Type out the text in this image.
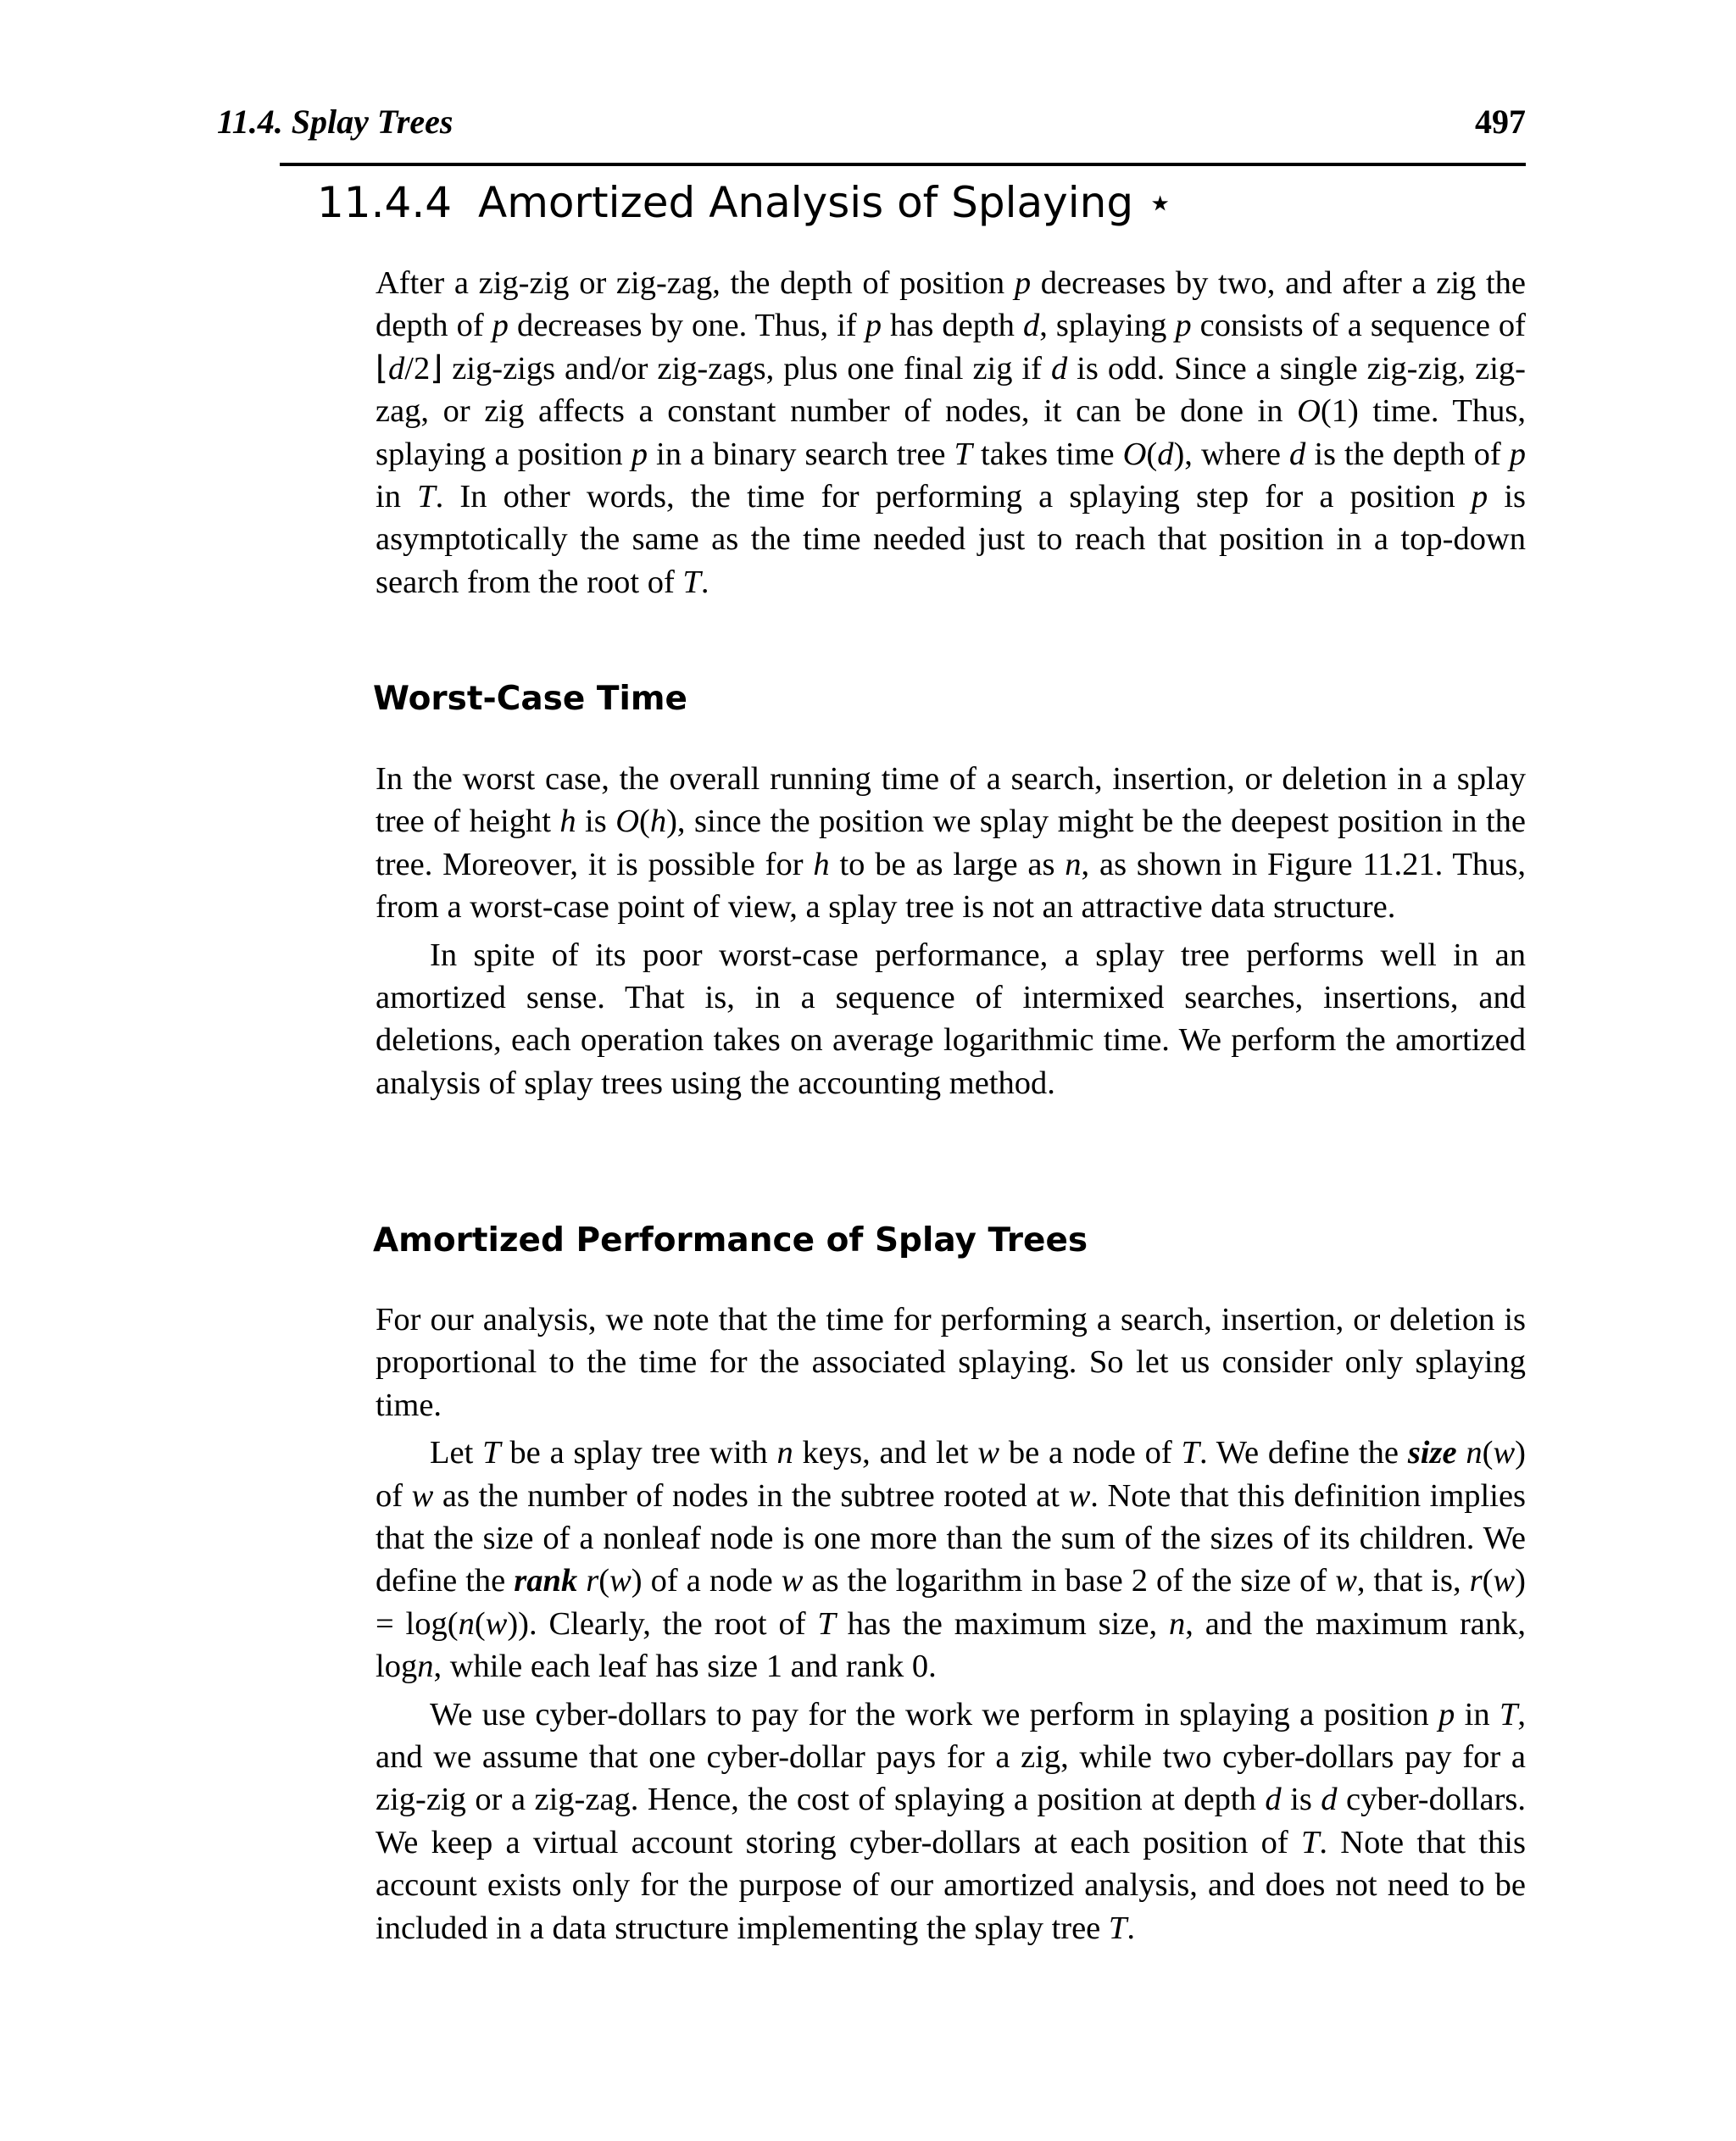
11.4. Splay Trees	497
11.4.4 Amortized Analysis of Splaying ⋆

After a zig-zig or zig-zag, the depth of position p decreases by two, and after a zig the depth of p decreases by one. Thus, if p has depth d, splaying p consists of a sequence of ⌊d/2⌋ zig-zigs and/or zig-zags, plus one final zig if d is odd. Since a single zig-zig, zig-zag, or zig affects a constant number of nodes, it can be done in O(1) time. Thus, splaying a position p in a binary search tree T takes time O(d), where d is the depth of p in T. In other words, the time for performing a splaying step for a position p is asymptotically the same as the time needed just to reach that position in a top-down search from the root of T.

Worst-Case Time

In the worst case, the overall running time of a search, insertion, or deletion in a splay tree of height h is O(h), since the position we splay might be the deepest position in the tree. Moreover, it is possible for h to be as large as n, as shown in Figure 11.21. Thus, from a worst-case point of view, a splay tree is not an attractive data structure.

In spite of its poor worst-case performance, a splay tree performs well in an amortized sense. That is, in a sequence of intermixed searches, insertions, and deletions, each operation takes on average logarithmic time. We perform the amortized analysis of splay trees using the accounting method.

Amortized Performance of Splay Trees

For our analysis, we note that the time for performing a search, insertion, or deletion is proportional to the time for the associated splaying. So let us consider only splaying time.

Let T be a splay tree with n keys, and let w be a node of T. We define the size n(w) of w as the number of nodes in the subtree rooted at w. Note that this definition implies that the size of a nonleaf node is one more than the sum of the sizes of its children. We define the rank r(w) of a node w as the logarithm in base 2 of the size of w, that is, r(w) = log(n(w)). Clearly, the root of T has the maximum size, n, and the maximum rank, logn, while each leaf has size 1 and rank 0.

We use cyber-dollars to pay for the work we perform in splaying a position p in T, and we assume that one cyber-dollar pays for a zig, while two cyber-dollars pay for a zig-zig or a zig-zag. Hence, the cost of splaying a position at depth d is d cyber-dollars. We keep a virtual account storing cyber-dollars at each position of T. Note that this account exists only for the purpose of our amortized analysis, and does not need to be included in a data structure implementing the splay tree T.
